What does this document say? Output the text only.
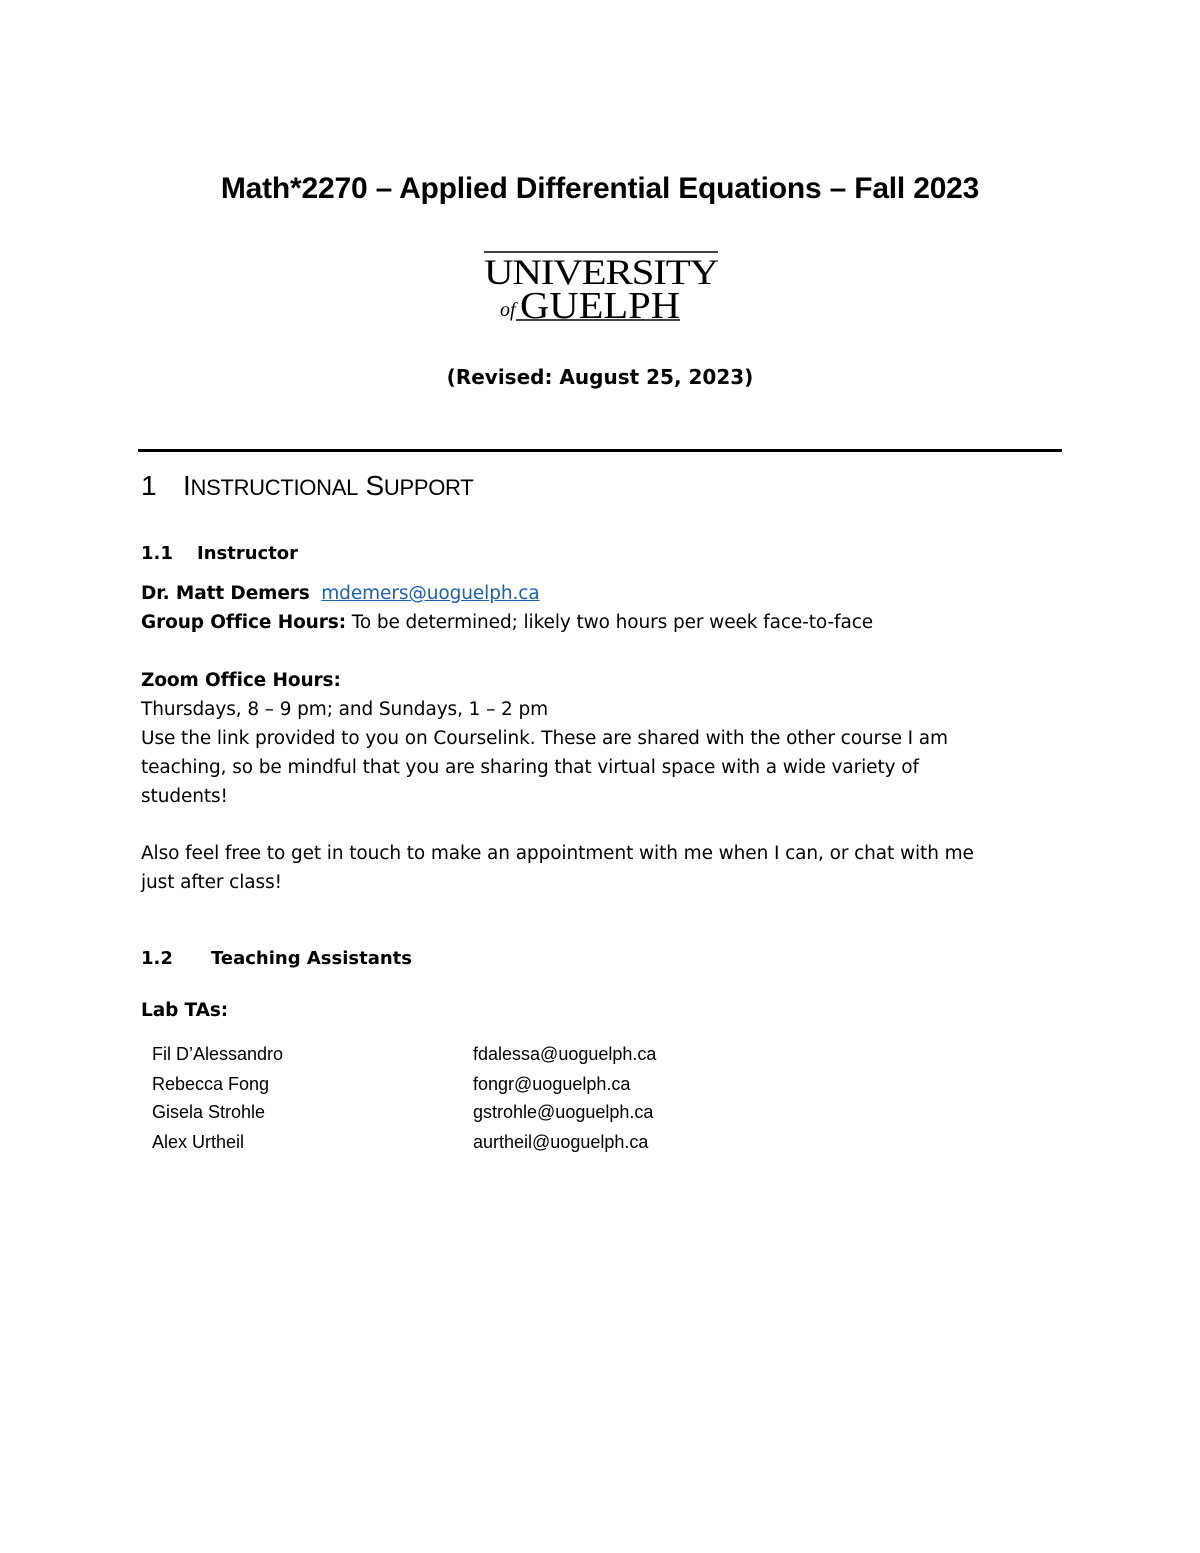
Math*2270 – Applied Differential Equations – Fall 2023
UNIVERSITY
of GUELPH
(Revised: August 25, 2023)
1 INSTRUCTIONAL SUPPORT
1.1 Instructor
Dr. Matt Demers mdemers@uoguelph.ca
Group Office Hours: To be determined; likely two hours per week face-to-face
Zoom Office Hours:
Thursdays, 8 – 9 pm; and Sundays, 1 – 2 pm
Use the link provided to you on Courselink. These are shared with the other course I am
teaching, so be mindful that you are sharing that virtual space with a wide variety of
students!
Also feel free to get in touch to make an appointment with me when I can, or chat with me
just after class!
1.2 Teaching Assistants
Lab TAs:
Fil D’Alessandro	fdalessa@uoguelph.ca
Rebecca Fong	fongr@uoguelph.ca
Gisela Strohle	gstrohle@uoguelph.ca
Alex Urtheil	aurtheil@uoguelph.ca
